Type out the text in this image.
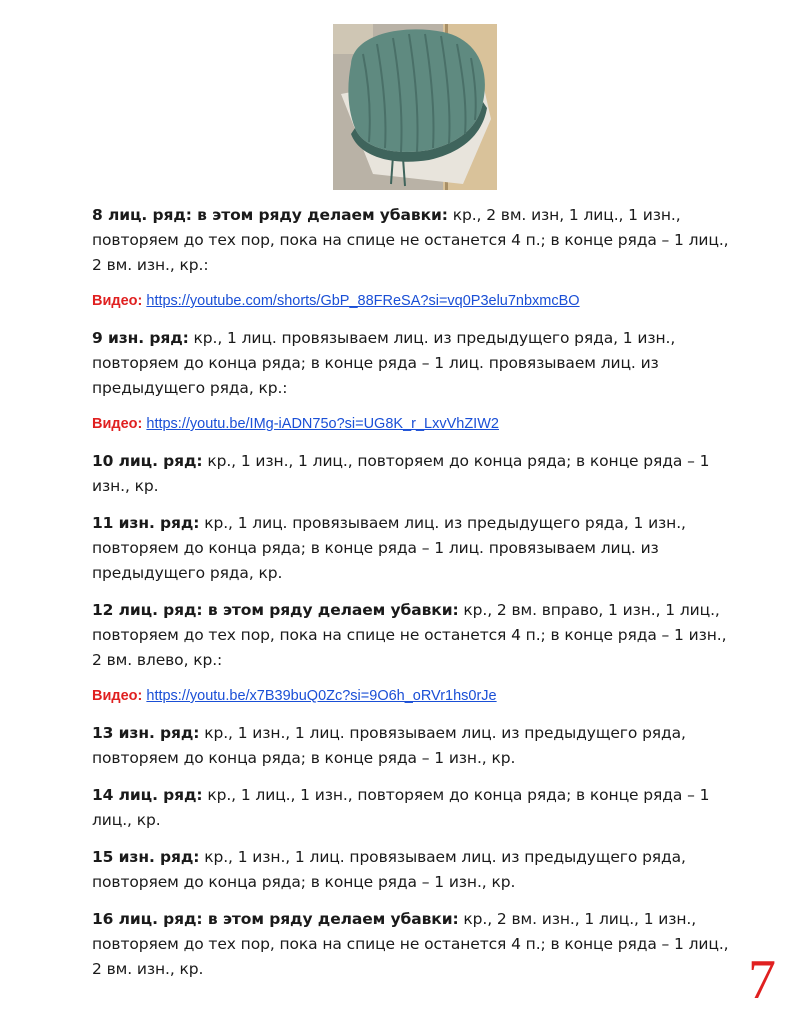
8 лиц. ряд: в этом ряду делаем убавки: кр., 2 вм. изн, 1 лиц., 1 изн.,
повторяем до тех пор, пока на спице не останется 4 п.; в конце ряда – 1 лиц.,
2 вм. изн., кр.:

Видео: https://youtube.com/shorts/GbP_88FReSA?si=vq0P3elu7nbxmcBO

9 изн. ряд: кр., 1 лиц. провязываем лиц. из предыдущего ряда, 1 изн.,
повторяем до конца ряда; в конце ряда – 1 лиц. провязываем лиц. из
предыдущего ряда, кр.:

Видео: https://youtu.be/IMg-iADN75o?si=UG8K_r_LxvVhZIW2

10 лиц. ряд: кр., 1 изн., 1 лиц., повторяем до конца ряда; в конце ряда – 1
изн., кр.

11 изн. ряд: кр., 1 лиц. провязываем лиц. из предыдущего ряда, 1 изн.,
повторяем до конца ряда; в конце ряда – 1 лиц. провязываем лиц. из
предыдущего ряда, кр.

12 лиц. ряд: в этом ряду делаем убавки: кр., 2 вм. вправо, 1 изн., 1 лиц.,
повторяем до тех пор, пока на спице не останется 4 п.; в конце ряда – 1 изн.,
2 вм. влево, кр.:

Видео: https://youtu.be/x7B39buQ0Zc?si=9O6h_oRVr1hs0rJe

13 изн. ряд: кр., 1 изн., 1 лиц. провязываем лиц. из предыдущего ряда,
повторяем до конца ряда; в конце ряда – 1 изн., кр.

14 лиц. ряд: кр., 1 лиц., 1 изн., повторяем до конца ряда; в конце ряда – 1
лиц., кр.

15 изн. ряд: кр., 1 изн., 1 лиц. провязываем лиц. из предыдущего ряда,
повторяем до конца ряда; в конце ряда – 1 изн., кр.

16 лиц. ряд: в этом ряду делаем убавки: кр., 2 вм. изн., 1 лиц., 1 изн.,
повторяем до тех пор, пока на спице не останется 4 п.; в конце ряда – 1 лиц.,
2 вм. изн., кр.	7
